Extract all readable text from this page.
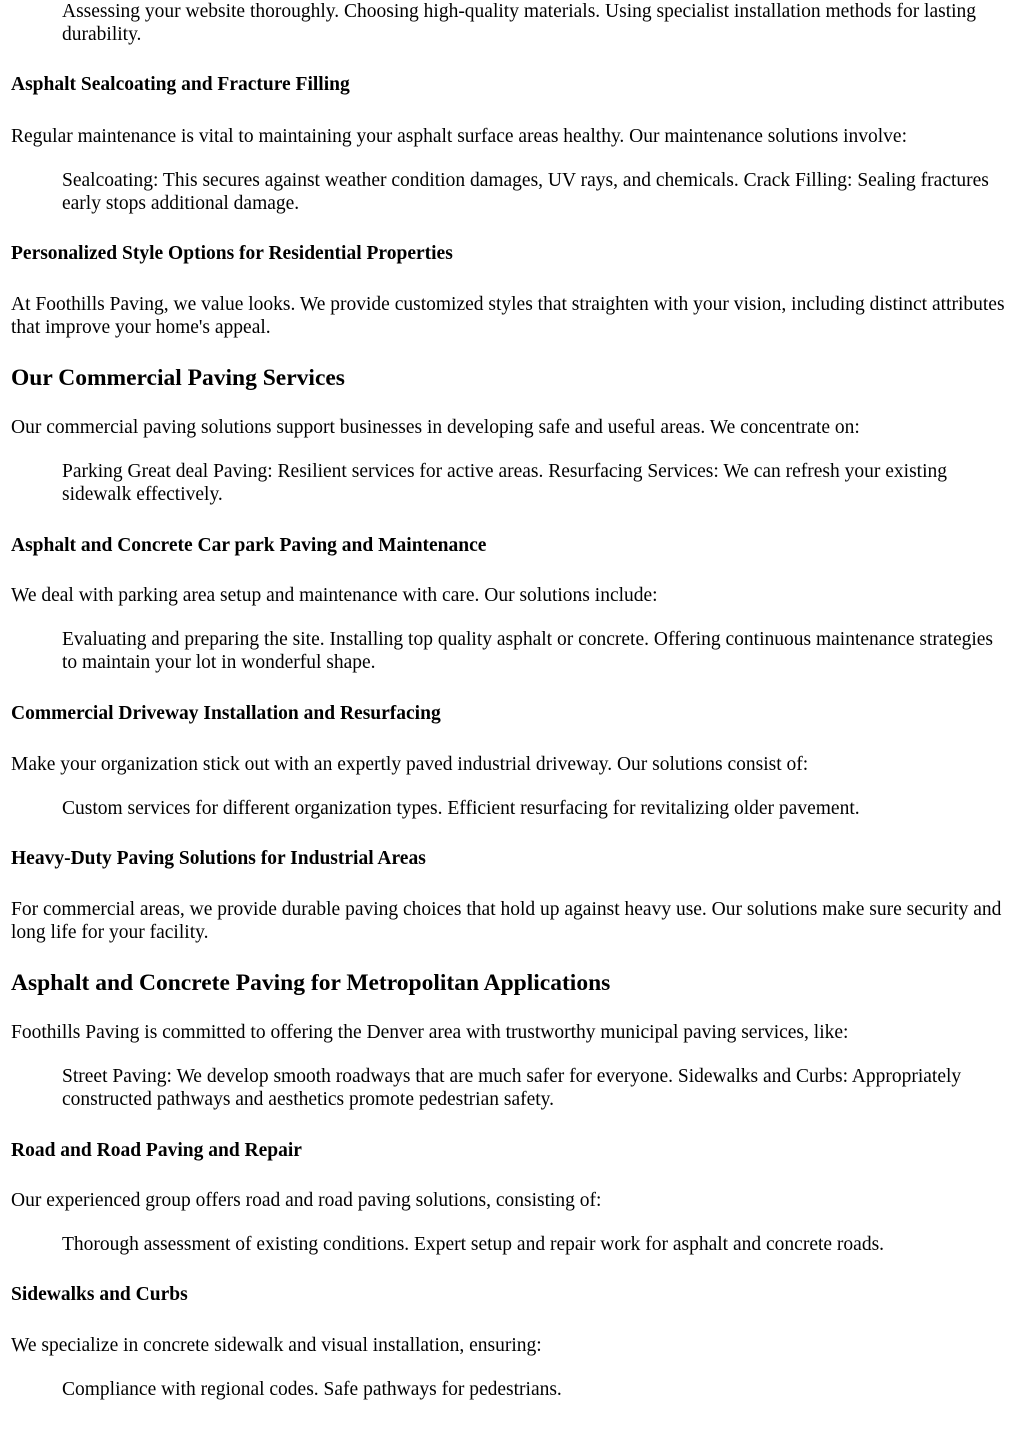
Assessing your website thoroughly. Choosing high-quality materials. Using specialist installation methods for lasting durability.
Asphalt Sealcoating and Fracture Filling

Regular maintenance is vital to maintaining your asphalt surface areas healthy. Our maintenance solutions involve:

Sealcoating: This secures against weather condition damages, UV rays, and chemicals. Crack Filling: Sealing fractures early stops additional damage.
Personalized Style Options for Residential Properties

At Foothills Paving, we value looks. We provide customized styles that straighten with your vision, including distinct attributes that improve your home's appeal.

Our Commercial Paving Services

Our commercial paving solutions support businesses in developing safe and useful areas. We concentrate on:

Parking Great deal Paving: Resilient services for active areas. Resurfacing Services: We can refresh your existing sidewalk effectively.
Asphalt and Concrete Car park Paving and Maintenance

We deal with parking area setup and maintenance with care. Our solutions include:

Evaluating and preparing the site. Installing top quality asphalt or concrete. Offering continuous maintenance strategies to maintain your lot in wonderful shape.
Commercial Driveway Installation and Resurfacing

Make your organization stick out with an expertly paved industrial driveway. Our solutions consist of:

Custom services for different organization types. Efficient resurfacing for revitalizing older pavement.
Heavy-Duty Paving Solutions for Industrial Areas

For commercial areas, we provide durable paving choices that hold up against heavy use. Our solutions make sure security and long life for your facility.

Asphalt and Concrete Paving for Metropolitan Applications

Foothills Paving is committed to offering the Denver area with trustworthy municipal paving services, like:

Street Paving: We develop smooth roadways that are much safer for everyone. Sidewalks and Curbs: Appropriately constructed pathways and aesthetics promote pedestrian safety.
Road and Road Paving and Repair

Our experienced group offers road and road paving solutions, consisting of:

Thorough assessment of existing conditions. Expert setup and repair work for asphalt and concrete roads.
Sidewalks and Curbs

We specialize in concrete sidewalk and visual installation, ensuring:

Compliance with regional codes. Safe pathways for pedestrians.
